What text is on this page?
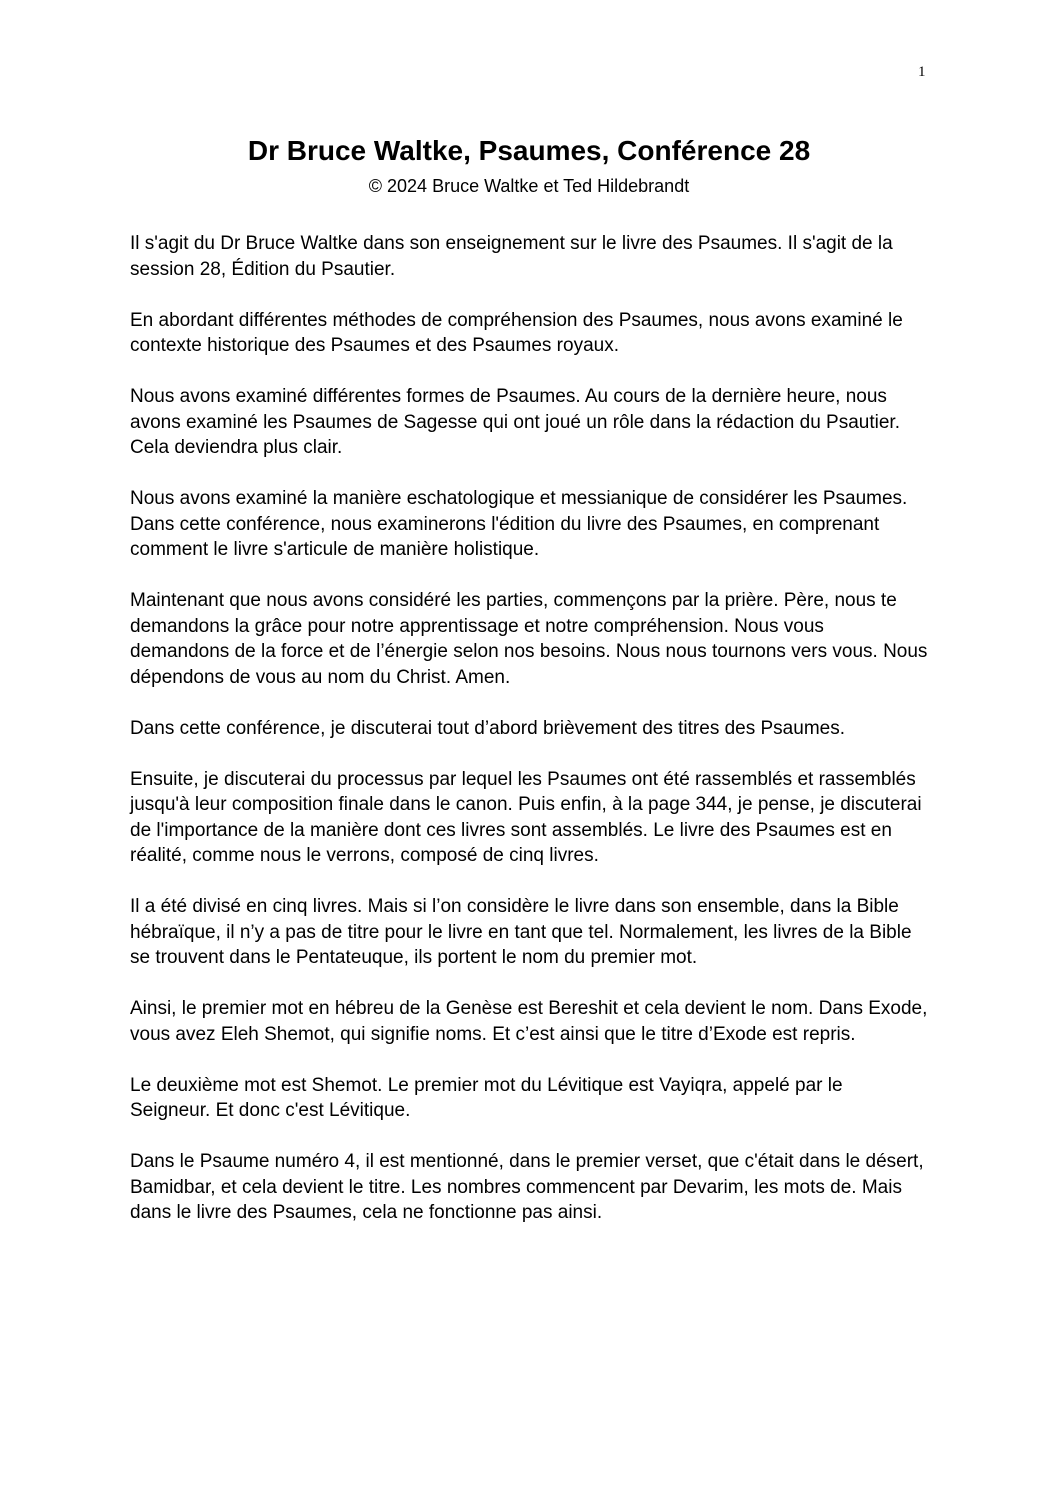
1
Dr Bruce Waltke, Psaumes, Conférence 28
© 2024 Bruce Waltke et Ted Hildebrandt

Il s'agit du Dr Bruce Waltke dans son enseignement sur le livre des Psaumes. Il s'agit de la session 28, Édition du Psautier.

En abordant différentes méthodes de compréhension des Psaumes, nous avons examiné le contexte historique des Psaumes et des Psaumes royaux.

Nous avons examiné différentes formes de Psaumes. Au cours de la dernière heure, nous avons examiné les Psaumes de Sagesse qui ont joué un rôle dans la rédaction du Psautier. Cela deviendra plus clair.

Nous avons examiné la manière eschatologique et messianique de considérer les Psaumes. Dans cette conférence, nous examinerons l'édition du livre des Psaumes, en comprenant comment le livre s'articule de manière holistique.

Maintenant que nous avons considéré les parties, commençons par la prière. Père, nous te demandons la grâce pour notre apprentissage et notre compréhension. Nous vous demandons de la force et de l’énergie selon nos besoins. Nous nous tournons vers vous. Nous dépendons de vous au nom du Christ. Amen.

Dans cette conférence, je discuterai tout d’abord brièvement des titres des Psaumes.

Ensuite, je discuterai du processus par lequel les Psaumes ont été rassemblés et rassemblés jusqu'à leur composition finale dans le canon. Puis enfin, à la page 344, je pense, je discuterai de l'importance de la manière dont ces livres sont assemblés. Le livre des Psaumes est en réalité, comme nous le verrons, composé de cinq livres.

Il a été divisé en cinq livres. Mais si l’on considère le livre dans son ensemble, dans la Bible hébraïque, il n’y a pas de titre pour le livre en tant que tel. Normalement, les livres de la Bible se trouvent dans le Pentateuque, ils portent le nom du premier mot.

Ainsi, le premier mot en hébreu de la Genèse est Bereshit et cela devient le nom. Dans Exode, vous avez Eleh Shemot, qui signifie noms. Et c’est ainsi que le titre d’Exode est repris.

Le deuxième mot est Shemot. Le premier mot du Lévitique est Vayiqra, appelé par le Seigneur. Et donc c'est Lévitique.

Dans le Psaume numéro 4, il est mentionné, dans le premier verset, que c'était dans le désert, Bamidbar, et cela devient le titre. Les nombres commencent par Devarim, les mots de. Mais dans le livre des Psaumes, cela ne fonctionne pas ainsi.
